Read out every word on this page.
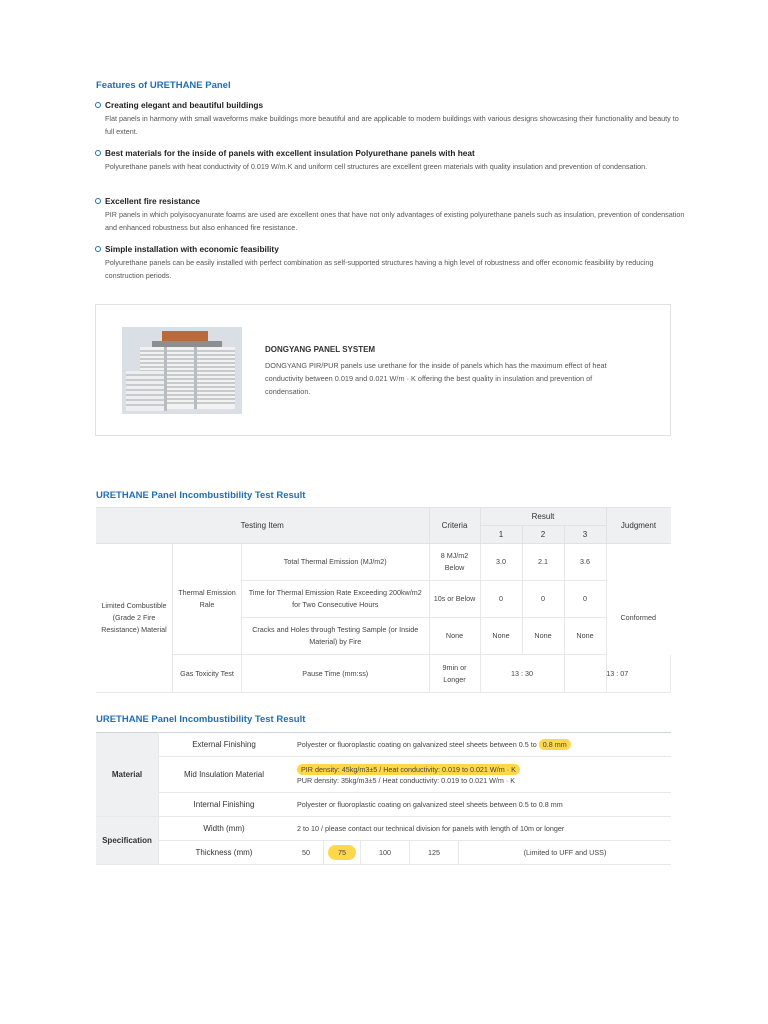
Features of URETHANE Panel
Creating elegant and beautiful buildings
Flat panels in harmony with small waveforms make buildings more beautiful and are applicable to modern buildings with various designs showcasing their functionality and beauty to full extent.
Best materials for the inside of panels with excellent insulation Polyurethane panels with heat
Polyurethane panels with heat conductivity of 0.019 W/m.K and uniform cell structures are excellent green materials with quality insulation and prevention of condensation.
Excellent fire resistance
PIR panels in which polyisocyanurate foams are used are excellent ones that have not only advantages of existing polyurethane panels such as insulation, prevention of condensation and enhanced robustness but also enhanced fire resistance.
Simple installation with economic feasibility
Polyurethane panels can be easily installed with perfect combination as self-supported structures having a high level of robustness and offer economic feasibility by reducing construction periods.
DONGYANG PANEL SYSTEM
DONGYANG PIR/PUR panels use urethane for the inside of panels which has the maximum effect of heat conductivity between 0.019 and 0.021 W/m · K offering the best quality in insulation and prevention of condensation.
URETHANE Panel Incombustibility Test Result
Testing Item			Criteria	Result			Judgment
				1	2	3	
Limited Combustible (Grade 2 Fire Resistance) Material	Thermal Emission Rale	Total Thermal Emission (MJ/m2)	8 MJ/m2 Below	3.0	2.1	3.6	Conformed
		Time for Thermal Emission Rate Exceeding 200kw/m2 for Two Consecutive Hours	10s or Below	0	0	0	
		Cracks and Holes through Testing Sample (or Inside Material) by Fire	None	None	None	None	
	Gas Toxicity Test	Pause Time (mm:ss)	9min or Longer	13 : 30		13 : 07	
URETHANE Panel Incombustibility Test Result
Material	External Finishing	Polyester or fluoroplastic coating on galvanized steel sheets between 0.5 to 0.8 mm				
	Mid Insulation Material	PIR density: 45kg/m3±5 / Heat conductivity: 0.019 to 0.021 W/m · K
PUR density: 35kg/m3±5 / Heat conductivity: 0.019 to 0.021 W/m · K				

	Internal Finishing	Polyester or fluoroplastic coating on galvanized steel sheets between 0.5 to 0.8 mm				
Specification	Width (mm)	2 to 10 / please contact our technical division for panels with length of 10m or longer				
	Thickness (mm)	50	75	100	125	(Limited to UFF and USS)
